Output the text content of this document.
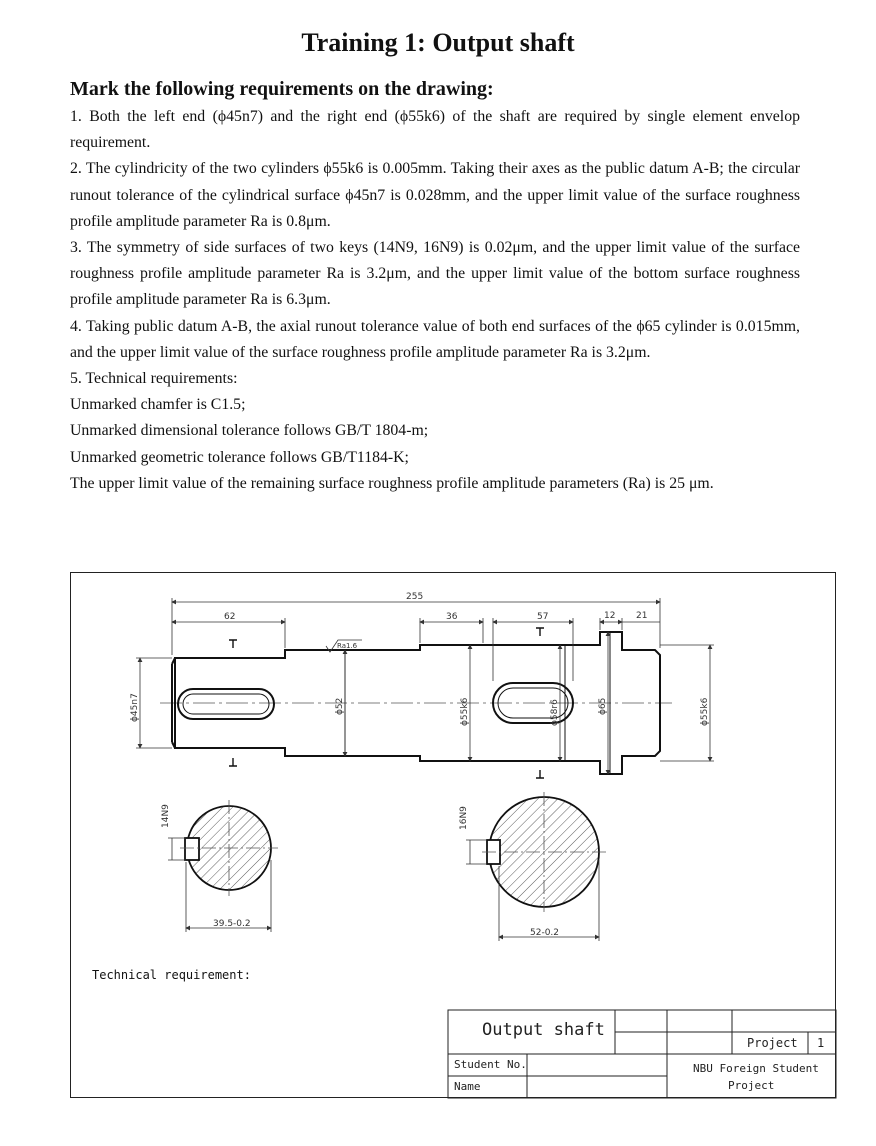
Training 1: Output shaft
Mark the following requirements on the drawing:

1. Both the left end (ϕ45n7) and the right end (ϕ55k6) of the shaft are required by single element envelop requirement.

2. The cylindricity of the two cylinders ϕ55k6 is 0.005mm. Taking their axes as the public datum A-B; the circular runout tolerance of the cylindrical surface ϕ45n7 is 0.028mm, and the upper limit value of the surface roughness profile amplitude parameter Ra is 0.8μm.

3. The symmetry of side surfaces of two keys (14N9, 16N9) is 0.02μm, and the upper limit value of the surface roughness profile amplitude parameter Ra is 3.2μm, and the upper limit value of the bottom surface roughness profile amplitude parameter Ra is 6.3μm.

4. Taking public datum A-B, the axial runout tolerance value of both end surfaces of the ϕ65 cylinder is 0.015mm, and the upper limit value of the surface roughness profile amplitude parameter Ra is 3.2μm.

5. Technical requirements:

Unmarked chamfer is C1.5;

Unmarked dimensional tolerance follows GB/T 1804-m;

Unmarked geometric tolerance follows GB/T1184-K;

The upper limit value of the remaining surface roughness profile amplitude parameters (Ra) is 25 μm.

255
62	36	57	12 21
Ra1.6
ϕ45n7	ϕ52	ϕ55k6	ϕ58r6	ϕ65	ϕ55k6
14N9
39.5-0.2
16N9
52-0.2

Technical requirement:

Output shaft

Project 1

Student No.

Name

NBU Foreign Student

Project
